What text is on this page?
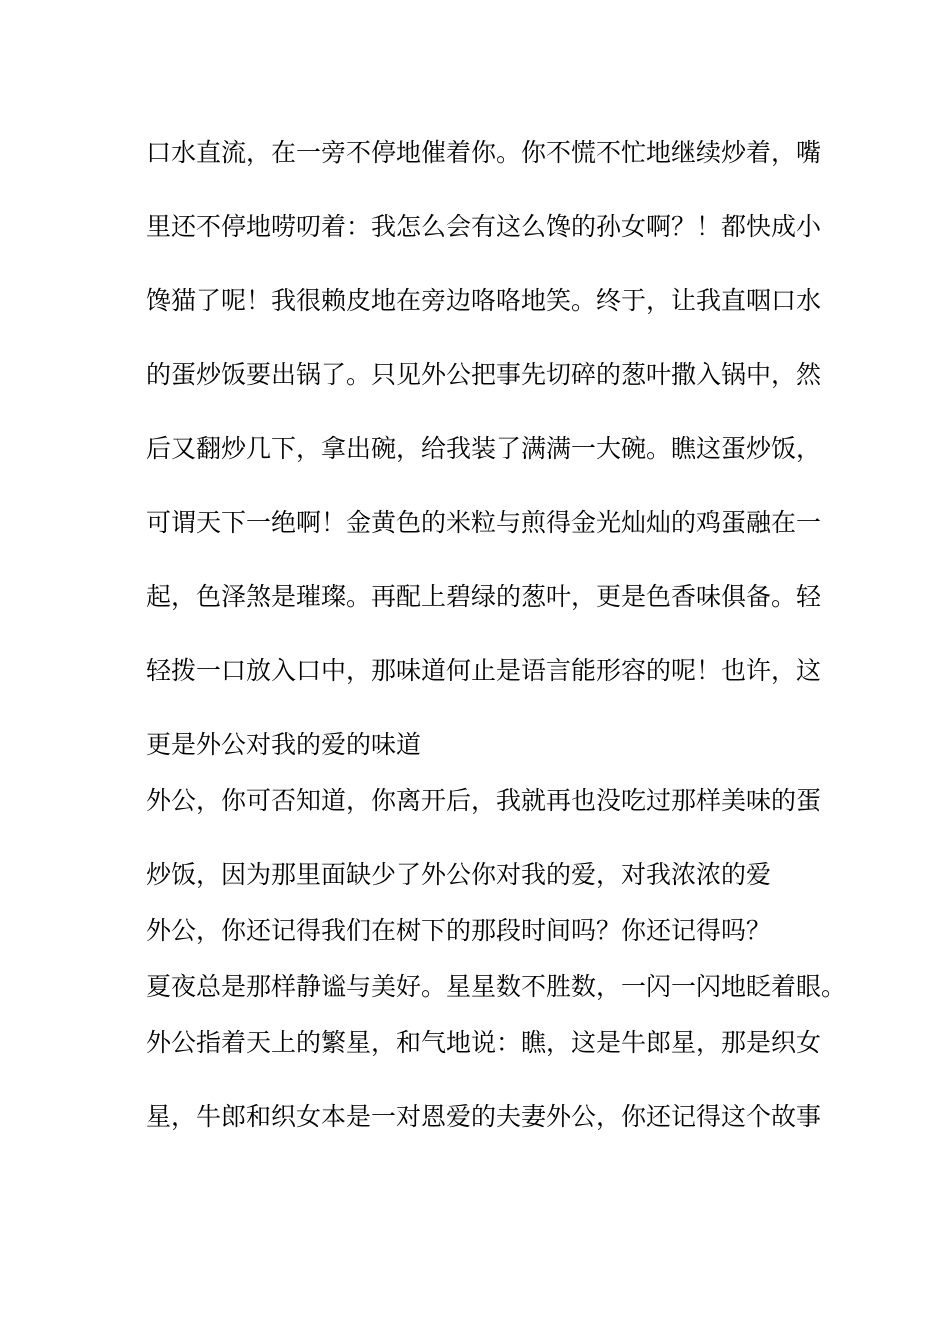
口水直流，在一旁不停地催着你。你不慌不忙地继续炒着，嘴

里还不停地唠叨着：我怎么会有这么馋的孙女啊？！都快成小

馋猫了呢！我很赖皮地在旁边咯咯地笑。终于，让我直咽口水

的蛋炒饭要出锅了。只见外公把事先切碎的葱叶撒入锅中，然

后又翻炒几下，拿出碗，给我装了满满一大碗。瞧这蛋炒饭，

可谓天下一绝啊！金黄色的米粒与煎得金光灿灿的鸡蛋融在一

起，色泽煞是璀璨。再配上碧绿的葱叶，更是色香味俱备。轻

轻拨一口放入口中，那味道何止是语言能形容的呢！也许，这

更是外公对我的爱的味道

外公，你可否知道，你离开后，我就再也没吃过那样美味的蛋

炒饭，因为那里面缺少了外公你对我的爱，对我浓浓的爱

外公，你还记得我们在树下的那段时间吗？你还记得吗？

夏夜总是那样静谧与美好。星星数不胜数，一闪一闪地眨着眼。

外公指着天上的繁星，和气地说：瞧，这是牛郎星，那是织女

星，牛郎和织女本是一对恩爱的夫妻外公，你还记得这个故事
